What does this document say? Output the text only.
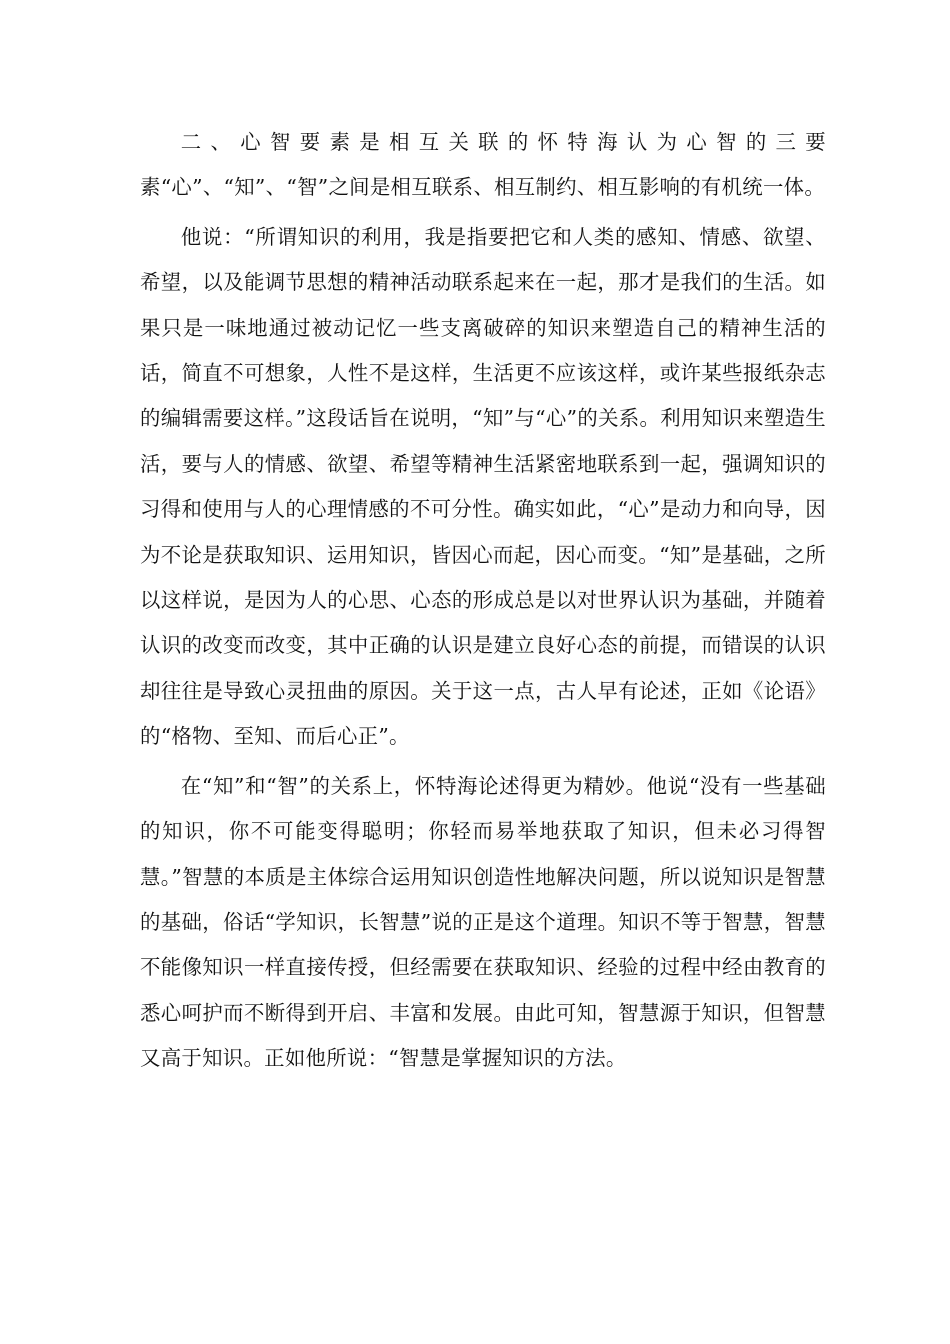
二、心智要素是相互关联的怀特海认为心智的三要素“心”、“知”、“智”之间是相互联系、相互制约、相互影响的有机统一体。

他说：“所谓知识的利用，我是指要把它和人类的感知、情感、欲望、希望，以及能调节思想的精神活动联系起来在一起，那才是我们的生活。如果只是一味地通过被动记忆一些支离破碎的知识来塑造自己的精神生活的话，简直不可想象，人性不是这样，生活更不应该这样，或许某些报纸杂志的编辑需要这样。”这段话旨在说明，“知”与“心”的关系。利用知识来塑造生活，要与人的情感、欲望、希望等精神生活紧密地联系到一起，强调知识的习得和使用与人的心理情感的不可分性。确实如此，“心”是动力和向导，因为不论是获取知识、运用知识，皆因心而起，因心而变。“知”是基础，之所以这样说，是因为人的心思、心态的形成总是以对世界认识为基础，并随着认识的改变而改变，其中正确的认识是建立良好心态的前提，而错误的认识却往往是导致心灵扭曲的原因。关于这一点，古人早有论述，正如《论语》的“格物、至知、而后心正”。

在“知”和“智”的关系上，怀特海论述得更为精妙。他说“没有一些基础的知识，你不可能变得聪明；你轻而易举地获取了知识，但未必习得智慧。”智慧的本质是主体综合运用知识创造性地解决问题，所以说知识是智慧的基础，俗话“学知识，长智慧”说的正是这个道理。知识不等于智慧，智慧不能像知识一样直接传授，但经需要在获取知识、经验的过程中经由教育的悉心呵护而不断得到开启、丰富和发展。由此可知，智慧源于知识，但智慧又高于知识。正如他所说：“智慧是掌握知识的方法。
